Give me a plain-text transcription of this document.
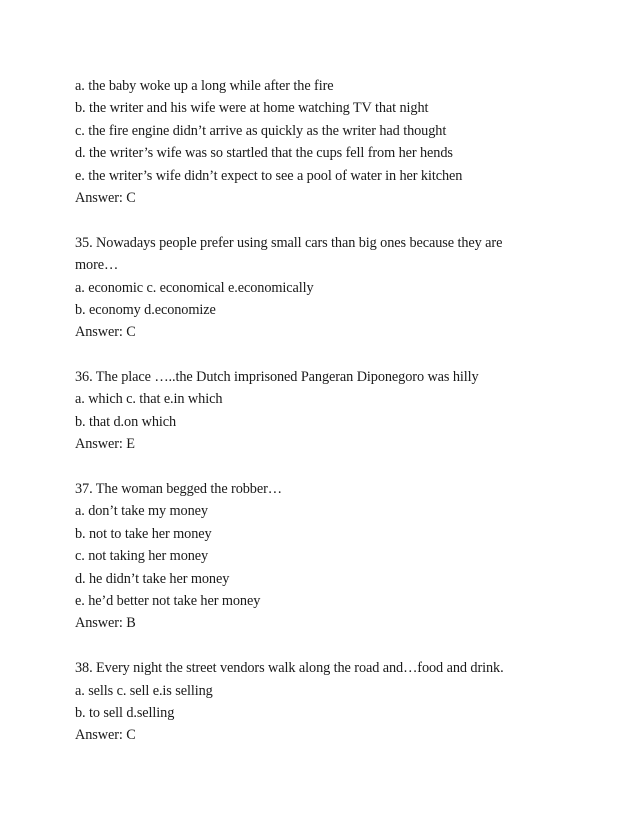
a. the baby woke up a long while after the fire
b. the writer and his wife were at home watching TV that night
c. the fire engine didn’t arrive as quickly as the writer had thought
d. the writer’s wife was so startled that the cups fell from her hends
e. the writer’s wife didn’t expect to see a pool of water in her kitchen
Answer: C
35. Nowadays people prefer using small cars than big ones because they are
more…
a. economic c. economical e.economically
b. economy d.economize
Answer: C
36. The place …..the Dutch imprisoned Pangeran Diponegoro was hilly
a. which c. that e.in which
b. that d.on which
Answer: E
37. The woman begged the robber…
a. don’t take my money
b. not to take her money
c. not taking her money
d. he didn’t take her money
e. he’d better not take her money
Answer: B
38. Every night the street vendors walk along the road and…food and drink.
a. sells c. sell e.is selling
b. to sell d.selling
Answer: C
